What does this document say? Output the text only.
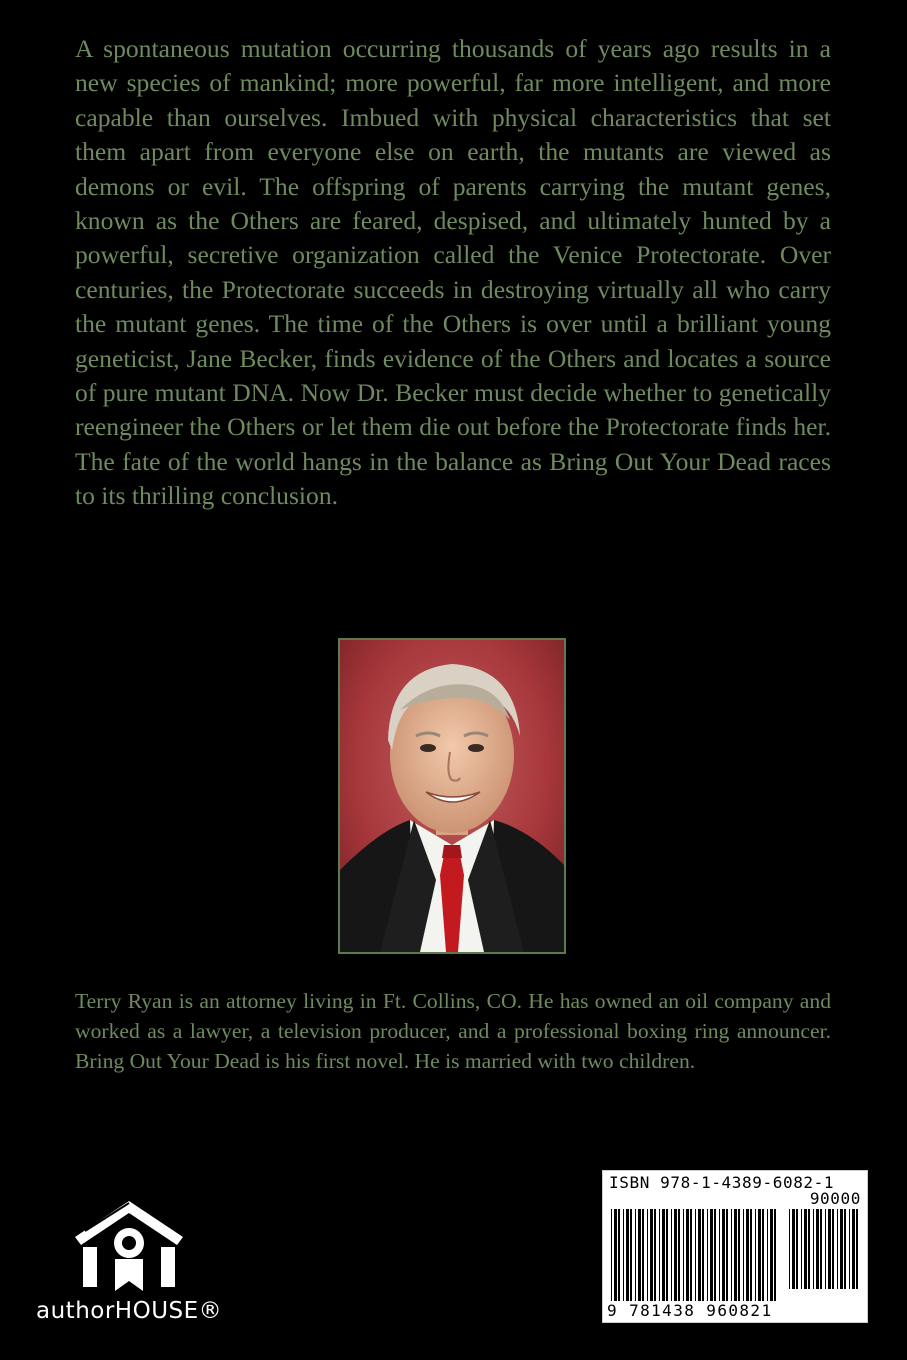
A spontaneous mutation occurring thousands of years ago results in a new species of mankind; more powerful, far more intelligent, and more capable than ourselves. Imbued with physical characteristics that set them apart from everyone else on earth, the mutants are viewed as demons or evil. The offspring of parents carrying the mutant genes, known as the Others are feared, despised, and ultimately hunted by a powerful, secretive organization called the Venice Protectorate. Over centuries, the Protectorate succeeds in destroying virtually all who carry the mutant genes. The time of the Others is over until a brilliant young geneticist, Jane Becker, finds evidence of the Others and locates a source of pure mutant DNA. Now Dr. Becker must decide whether to genetically reengineer the Others or let them die out before the Protectorate finds her. The fate of the world hangs in the balance as Bring Out Your Dead races to its thrilling conclusion.

Terry Ryan is an attorney living in Ft. Collins, CO. He has owned an oil company and worked as a lawyer, a television producer, and a professional boxing ring announcer. Bring Out Your Dead is his first novel. He is married with two children.

authorHOUSE®
ISBN 978-1-4389-6082-1
90000
9 781438 960821
